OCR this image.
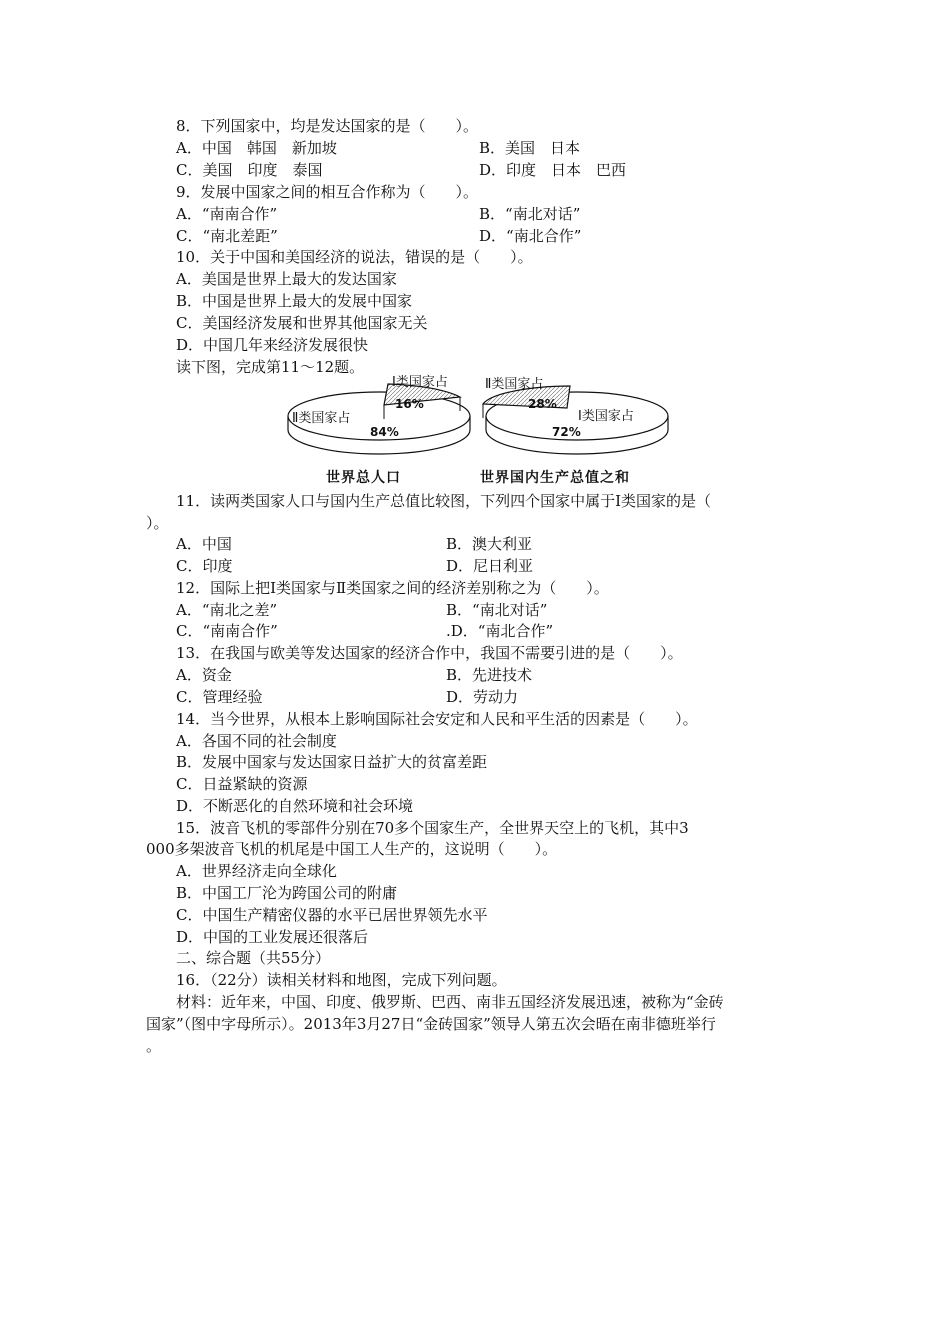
8．下列国家中，均是发达国家的是（　　）。
A．中国　韩国　新加坡	B．美国　日本
C．美国　印度　泰国	D．印度　日本　巴西
9．发展中国家之间的相互合作称为（　　）。
A．“南南合作”	B．“南北对话”
C．“南北差距”	D．“南北合作”
10．关于中国和美国经济的说法，错误的是（　　）。
A．美国是世界上最大的发达国家
B．中国是世界上最大的发展中国家
C．美国经济发展和世界其他国家无关
D．中国几年来经济发展很快
读下图，完成第11～12题。
Ⅰ类国家占
16%
Ⅱ类国家占
84%
世界总人口
Ⅱ类国家占
28%
Ⅰ类国家占
72%
世界国内生产总值之和
11．读两类国家人口与国内生产总值比较图，下列四个国家中属于Ⅰ类国家的是（
）。
A．中国	B．澳大利亚
C．印度	D．尼日利亚
12．国际上把Ⅰ类国家与Ⅱ类国家之间的经济差别称之为（　　）。
A．“南北之差”	B．“南北对话”
C．“南南合作”	.D．“南北合作”
13．在我国与欧美等发达国家的经济合作中，我国不需要引进的是（　　）。
A．资金	B．先进技术
C．管理经验	D．劳动力
14．当今世界，从根本上影响国际社会安定和人民和平生活的因素是（　　）。
A．各国不同的社会制度
B．发展中国家与发达国家日益扩大的贫富差距
C．日益紧缺的资源
D．不断恶化的自然环境和社会环境
15．波音飞机的零部件分别在70多个国家生产，全世界天空上的飞机，其中3
000多架波音飞机的机尾是中国工人生产的，这说明（　　）。
A．世界经济走向全球化
B．中国工厂沦为跨国公司的附庸
C．中国生产精密仪器的水平已居世界领先水平
D．中国的工业发展还很落后
二、综合题（共55分）
16．（22分）读相关材料和地图，完成下列问题。
材料：近年来，中国、印度、俄罗斯、巴西、南非五国经济发展迅速，被称为“金砖
国家”（图中字母所示）。2013年3月27日“金砖国家”领导人第五次会晤在南非德班举行
。
